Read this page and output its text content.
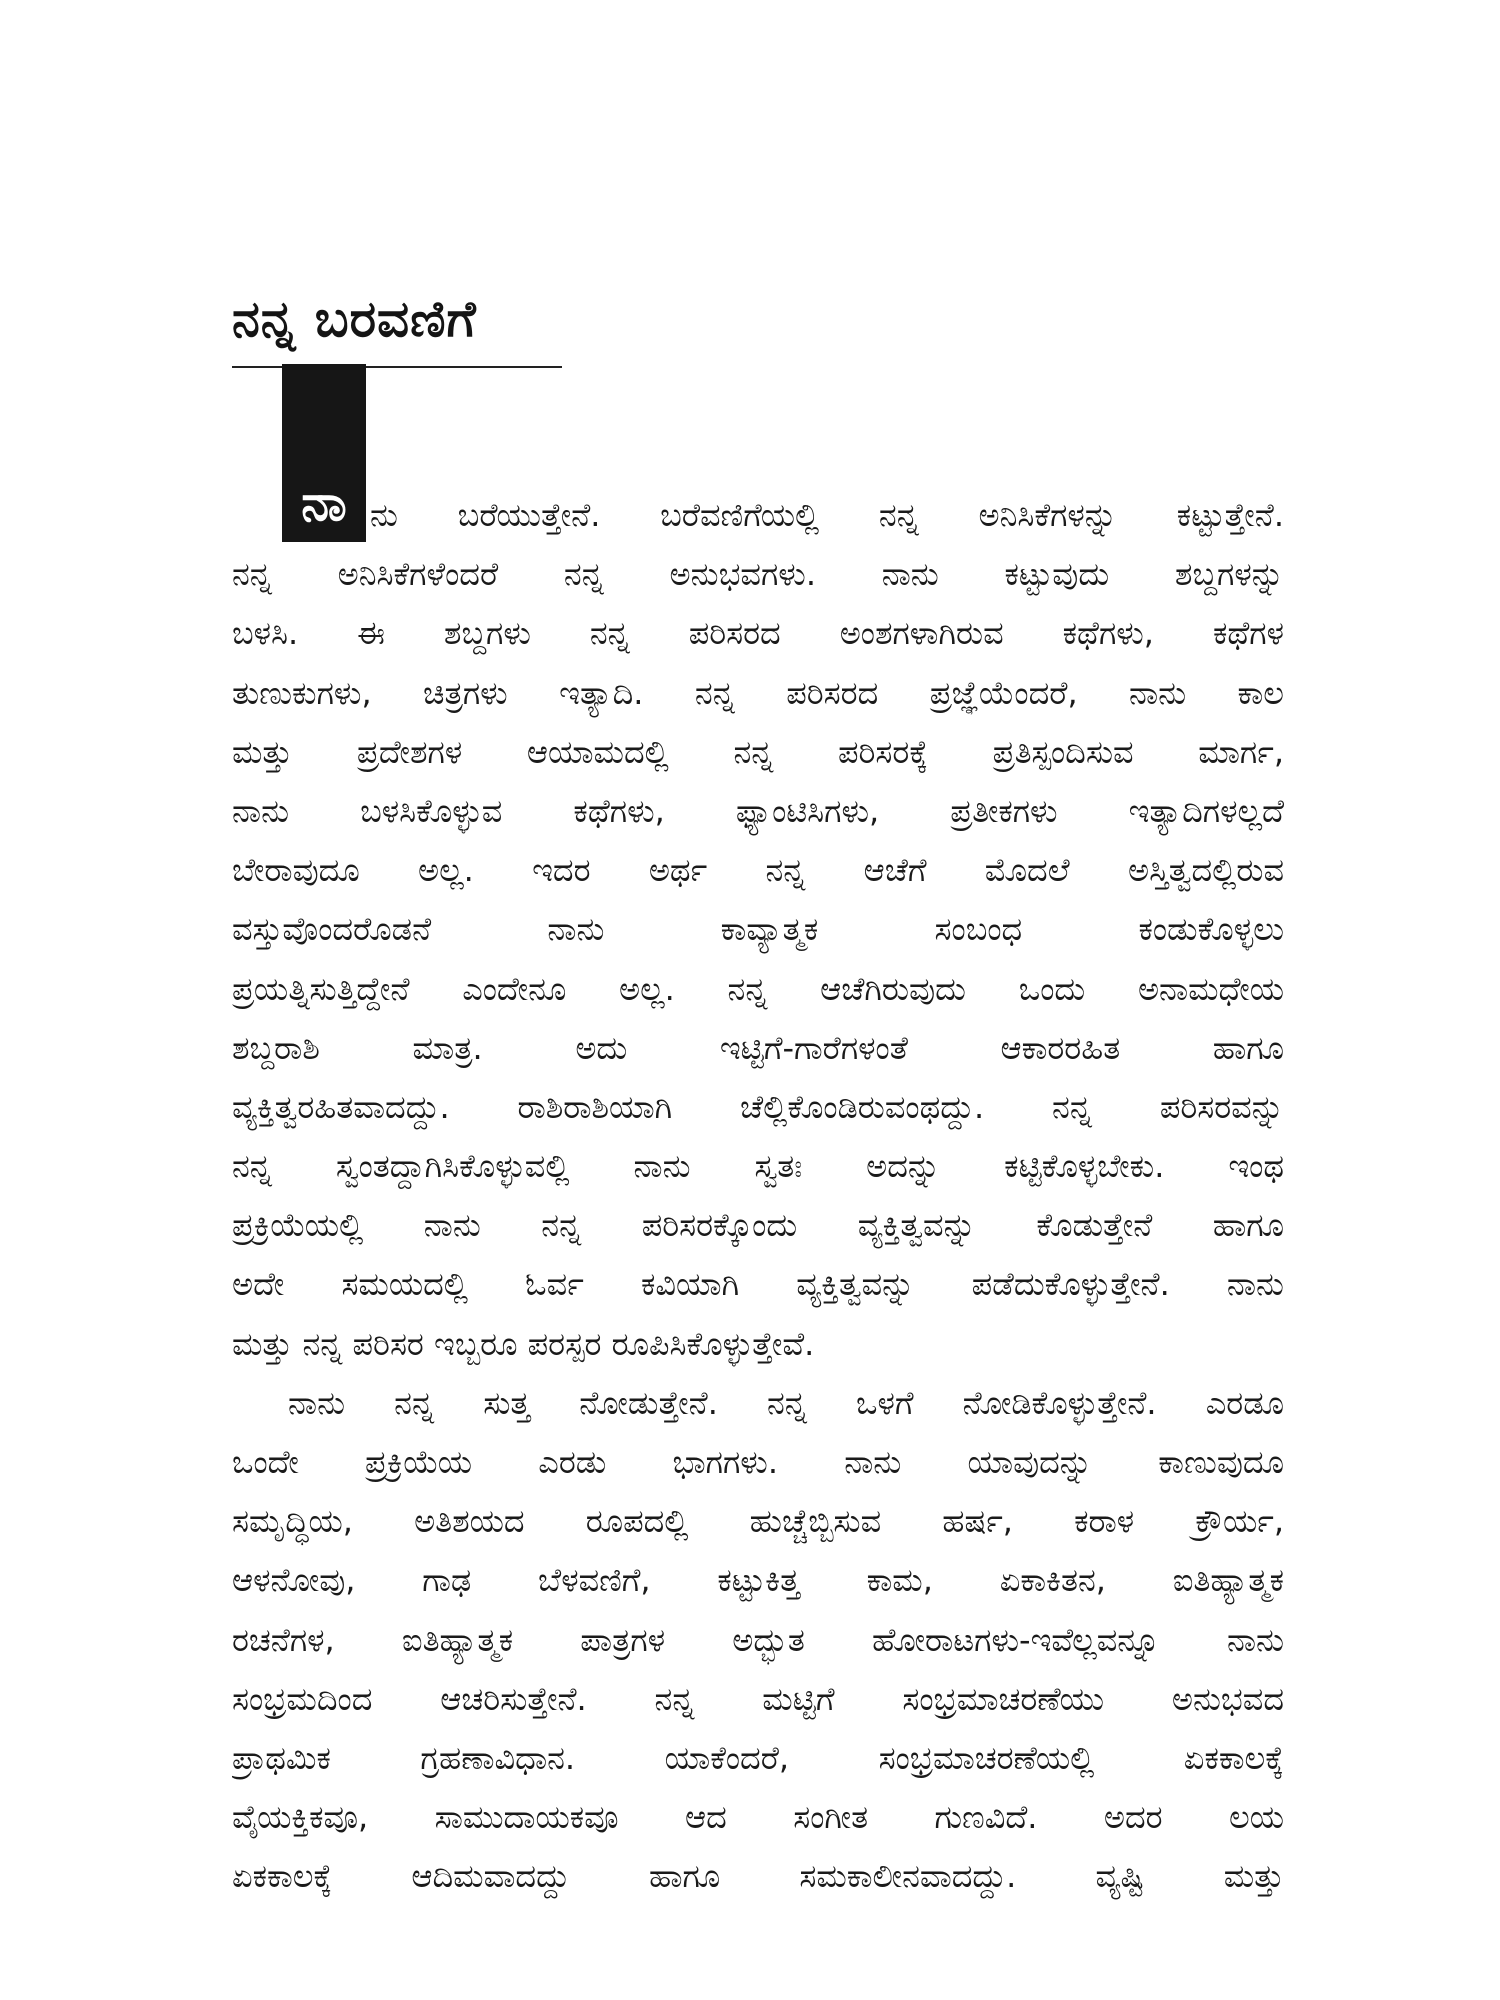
ನನ್ನ ಬರವಣಿಗೆ
ನಾ ನು ಬರೆಯುತ್ತೇನೆ. ಬರೆವಣಿಗೆಯಲ್ಲಿ ನನ್ನ ಅನಿಸಿಕೆಗಳನ್ನು ಕಟ್ಟುತ್ತೇನೆ.
ನನ್ನ ಅನಿಸಿಕೆಗಳೆಂದರೆ ನನ್ನ ಅನುಭವಗಳು. ನಾನು ಕಟ್ಟುವುದು ಶಬ್ದಗಳನ್ನು
ಬಳಸಿ. ಈ ಶಬ್ದಗಳು ನನ್ನ ಪರಿಸರದ ಅಂಶಗಳಾಗಿರುವ ಕಥೆಗಳು, ಕಥೆಗಳ
ತುಣುಕುಗಳು, ಚಿತ್ರಗಳು ಇತ್ಯಾದಿ. ನನ್ನ ಪರಿಸರದ ಪ್ರಜ್ಞೆಯೆಂದರೆ, ನಾನು ಕಾಲ
ಮತ್ತು ಪ್ರದೇಶಗಳ ಆಯಾಮದಲ್ಲಿ ನನ್ನ ಪರಿಸರಕ್ಕೆ ಪ್ರತಿಸ್ಪಂದಿಸುವ ಮಾರ್ಗ,
ನಾನು ಬಳಸಿಕೊಳ್ಳುವ ಕಥೆಗಳು, ಫ್ಯಾಂಟಿಸಿಗಳು, ಪ್ರತೀಕಗಳು ಇತ್ಯಾದಿಗಳಲ್ಲದೆ
ಬೇರಾವುದೂ ಅಲ್ಲ. ಇದರ ಅರ್ಥ ನನ್ನ ಆಚೆಗೆ ಮೊದಲೆ ಅಸ್ತಿತ್ವದಲ್ಲಿರುವ
ವಸ್ತುವೊಂದರೊಡನೆ ನಾನು ಕಾವ್ಯಾತ್ಮಕ ಸಂಬಂಧ ಕಂಡುಕೊಳ್ಳಲು
ಪ್ರಯತ್ನಿಸುತ್ತಿದ್ದೇನೆ ಎಂದೇನೂ ಅಲ್ಲ. ನನ್ನ ಆಚೆಗಿರುವುದು ಒಂದು ಅನಾಮಧೇಯ
ಶಬ್ದರಾಶಿ ಮಾತ್ರ. ಅದು ಇಟ್ಟಿಗೆ-ಗಾರೆಗಳಂತೆ ಆಕಾರರಹಿತ ಹಾಗೂ
ವ್ಯಕ್ತಿತ್ವರಹಿತವಾದದ್ದು. ರಾಶಿರಾಶಿಯಾಗಿ ಚೆಲ್ಲಿಕೊಂಡಿರುವಂಥದ್ದು. ನನ್ನ ಪರಿಸರವನ್ನು
ನನ್ನ ಸ್ವಂತದ್ದಾಗಿಸಿಕೊಳ್ಳುವಲ್ಲಿ ನಾನು ಸ್ವತಃ ಅದನ್ನು ಕಟ್ಟಿಕೊಳ್ಳಬೇಕು. ಇಂಥ
ಪ್ರಕ್ರಿಯೆಯಲ್ಲಿ ನಾನು ನನ್ನ ಪರಿಸರಕ್ಕೊಂದು ವ್ಯಕ್ತಿತ್ವವನ್ನು ಕೊಡುತ್ತೇನೆ ಹಾಗೂ
ಅದೇ ಸಮಯದಲ್ಲಿ ಓರ್ವ ಕವಿಯಾಗಿ ವ್ಯಕ್ತಿತ್ವವನ್ನು ಪಡೆದುಕೊಳ್ಳುತ್ತೇನೆ. ನಾನು
ಮತ್ತು ನನ್ನ ಪರಿಸರ ಇಬ್ಬರೂ ಪರಸ್ಪರ ರೂಪಿಸಿಕೊಳ್ಳುತ್ತೇವೆ.
ನಾನು ನನ್ನ ಸುತ್ತ ನೋಡುತ್ತೇನೆ. ನನ್ನ ಒಳಗೆ ನೋಡಿಕೊಳ್ಳುತ್ತೇನೆ. ಎರಡೂ
ಒಂದೇ ಪ್ರಕ್ರಿಯೆಯ ಎರಡು ಭಾಗಗಳು. ನಾನು ಯಾವುದನ್ನು ಕಾಣುವುದೂ
ಸಮೃದ್ಧಿಯ, ಅತಿಶಯದ ರೂಪದಲ್ಲಿ ಹುಚ್ಚೆಬ್ಬಿಸುವ ಹರ್ಷ, ಕರಾಳ ಕ್ರೌರ್ಯ,
ಆಳನೋವು, ಗಾಢ ಬೆಳವಣಿಗೆ, ಕಟ್ಟುಕಿತ್ತ ಕಾಮ, ಏಕಾಕಿತನ, ಐತಿಹ್ಯಾತ್ಮಕ
ರಚನೆಗಳ, ಐತಿಹ್ಯಾತ್ಮಕ ಪಾತ್ರಗಳ ಅದ್ಭುತ ಹೋರಾಟಗಳು-ಇವೆಲ್ಲವನ್ನೂ ನಾನು
ಸಂಭ್ರಮದಿಂದ ಆಚರಿಸುತ್ತೇನೆ. ನನ್ನ ಮಟ್ಟಿಗೆ ಸಂಭ್ರಮಾಚರಣೆಯು ಅನುಭವದ
ಪ್ರಾಥಮಿಕ ಗ್ರಹಣಾವಿಧಾನ. ಯಾಕೆಂದರೆ, ಸಂಭ್ರಮಾಚರಣೆಯಲ್ಲಿ ಏಕಕಾಲಕ್ಕೆ
ವೈಯಕ್ತಿಕವೂ, ಸಾಮುದಾಯಕವೂ ಆದ ಸಂಗೀತ ಗುಣವಿದೆ. ಅದರ ಲಯ
ಏಕಕಾಲಕ್ಕೆ ಆದಿಮವಾದದ್ದು ಹಾಗೂ ಸಮಕಾಲೀನವಾದದ್ದು. ವ್ಯಷ್ಟಿ ಮತ್ತು
